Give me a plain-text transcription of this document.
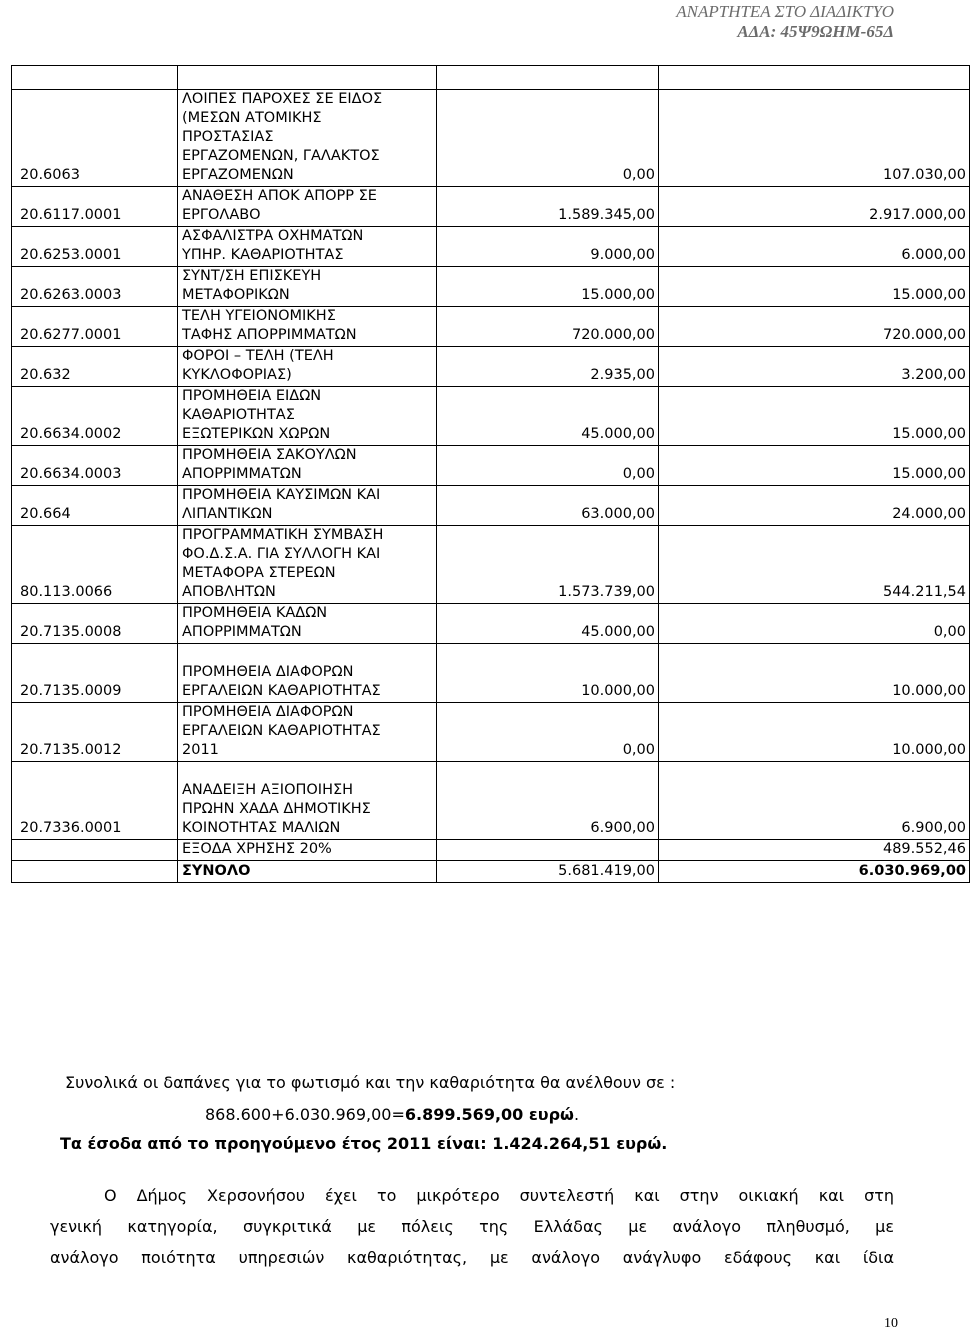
ΑΝΑΡΤΗΤΕΑ ΣΤΟ ΔΙΑΔΙΚΤΥΟ
ΑΔΑ: 45Ψ9ΩΗΜ-65Δ

20.6063	ΛΟΙΠΕΣ ΠΑΡΟΧΕΣ ΣΕ ΕΙΔΟΣ
(ΜΕΣΩΝ ΑΤΟΜΙΚΗΣ
ΠΡΟΣΤΑΣΙΑΣ
ΕΡΓΑΖΟΜΕΝΩΝ, ΓΑΛΑΚΤΟΣ
ΕΡΓΑΖΟΜΕΝΩΝ	0,00	107.030,00
20.6117.0001	ΑΝΑΘΕΣΗ ΑΠΟΚ ΑΠΟΡΡ ΣΕ
ΕΡΓΟΛΑΒΟ	1.589.345,00	2.917.000,00
20.6253.0001	ΑΣΦΑΛΙΣΤΡΑ ΟΧΗΜΑΤΩΝ
ΥΠΗΡ. ΚΑΘΑΡΙΟΤΗΤΑΣ	9.000,00	6.000,00
20.6263.0003	ΣΥΝΤ/ΣΗ ΕΠΙΣΚΕΥΗ
ΜΕΤΑΦΟΡΙΚΩΝ	15.000,00	15.000,00
20.6277.0001	ΤΕΛΗ ΥΓΕΙΟΝΟΜΙΚΗΣ
ΤΑΦΗΣ ΑΠΟΡΡΙΜΜΑΤΩΝ	720.000,00	720.000,00
20.632	ΦΟΡΟΙ – ΤΕΛΗ (ΤΕΛΗ
ΚΥΚΛΟΦΟΡΙΑΣ)	2.935,00	3.200,00
20.6634.0002	ΠΡΟΜΗΘΕΙΑ ΕΙΔΩΝ
ΚΑΘΑΡΙΟΤΗΤΑΣ
ΕΞΩΤΕΡΙΚΩΝ ΧΩΡΩΝ	45.000,00	15.000,00
20.6634.0003	ΠΡΟΜΗΘΕΙΑ ΣΑΚΟΥΛΩΝ
ΑΠΟΡΡΙΜΜΑΤΩΝ	0,00	15.000,00
20.664	ΠΡΟΜΗΘΕΙΑ ΚΑΥΣΙΜΩΝ ΚΑΙ
ΛΙΠΑΝΤΙΚΩΝ	63.000,00	24.000,00
80.113.0066	ΠΡΟΓΡΑΜΜΑΤΙΚΗ ΣΥΜΒΑΣΗ
ΦΟ.Δ.Σ.Α. ΓΙΑ ΣΥΛΛΟΓΗ ΚΑΙ
ΜΕΤΑΦΟΡΑ ΣΤΕΡΕΩΝ
ΑΠΟΒΛΗΤΩΝ	1.573.739,00	544.211,54
20.7135.0008	ΠΡΟΜΗΘΕΙΑ ΚΑΔΩΝ
ΑΠΟΡΡΙΜΜΑΤΩΝ	45.000,00	0,00
20.7135.0009	ΠΡΟΜΗΘΕΙΑ ΔΙΑΦΟΡΩΝ
ΕΡΓΑΛΕΙΩΝ ΚΑΘΑΡΙΟΤΗΤΑΣ	10.000,00	10.000,00
20.7135.0012	ΠΡΟΜΗΘΕΙΑ ΔΙΑΦΟΡΩΝ
ΕΡΓΑΛΕΙΩΝ ΚΑΘΑΡΙΟΤΗΤΑΣ
2011	0,00	10.000,00
20.7336.0001	ΑΝΑΔΕΙΞΗ ΑΞΙΟΠΟΙΗΣΗ
ΠΡΩΗΝ ΧΑΔΑ ΔΗΜΟΤΙΚΗΣ
ΚΟΙΝΟΤΗΤΑΣ ΜΑΛΙΩΝ	6.900,00	6.900,00
	ΕΞΟΔΑ ΧΡΗΣΗΣ 20%		489.552,46
	ΣΥΝΟΛΟ	5.681.419,00	6.030.969,00
Συνολικά οι δαπάνες για το φωτισμό και την καθαριότητα θα ανέλθουν σε :
868.600+6.030.969,00=6.899.569,00 ευρώ.
Τα έσοδα από το προηγούμενο έτος 2011 είναι: 1.424.264,51 ευρώ.
Ο Δήμος Χερσονήσου έχει το μικρότερο συντελεστή και στην οικιακή και στη
γενική κατηγορία, συγκριτικά με πόλεις της Ελλάδας με ανάλογο πληθυσμό, με
ανάλογο ποιότητα υπηρεσιών καθαριότητας, με ανάλογο ανάγλυφο εδάφους και ίδια
10
